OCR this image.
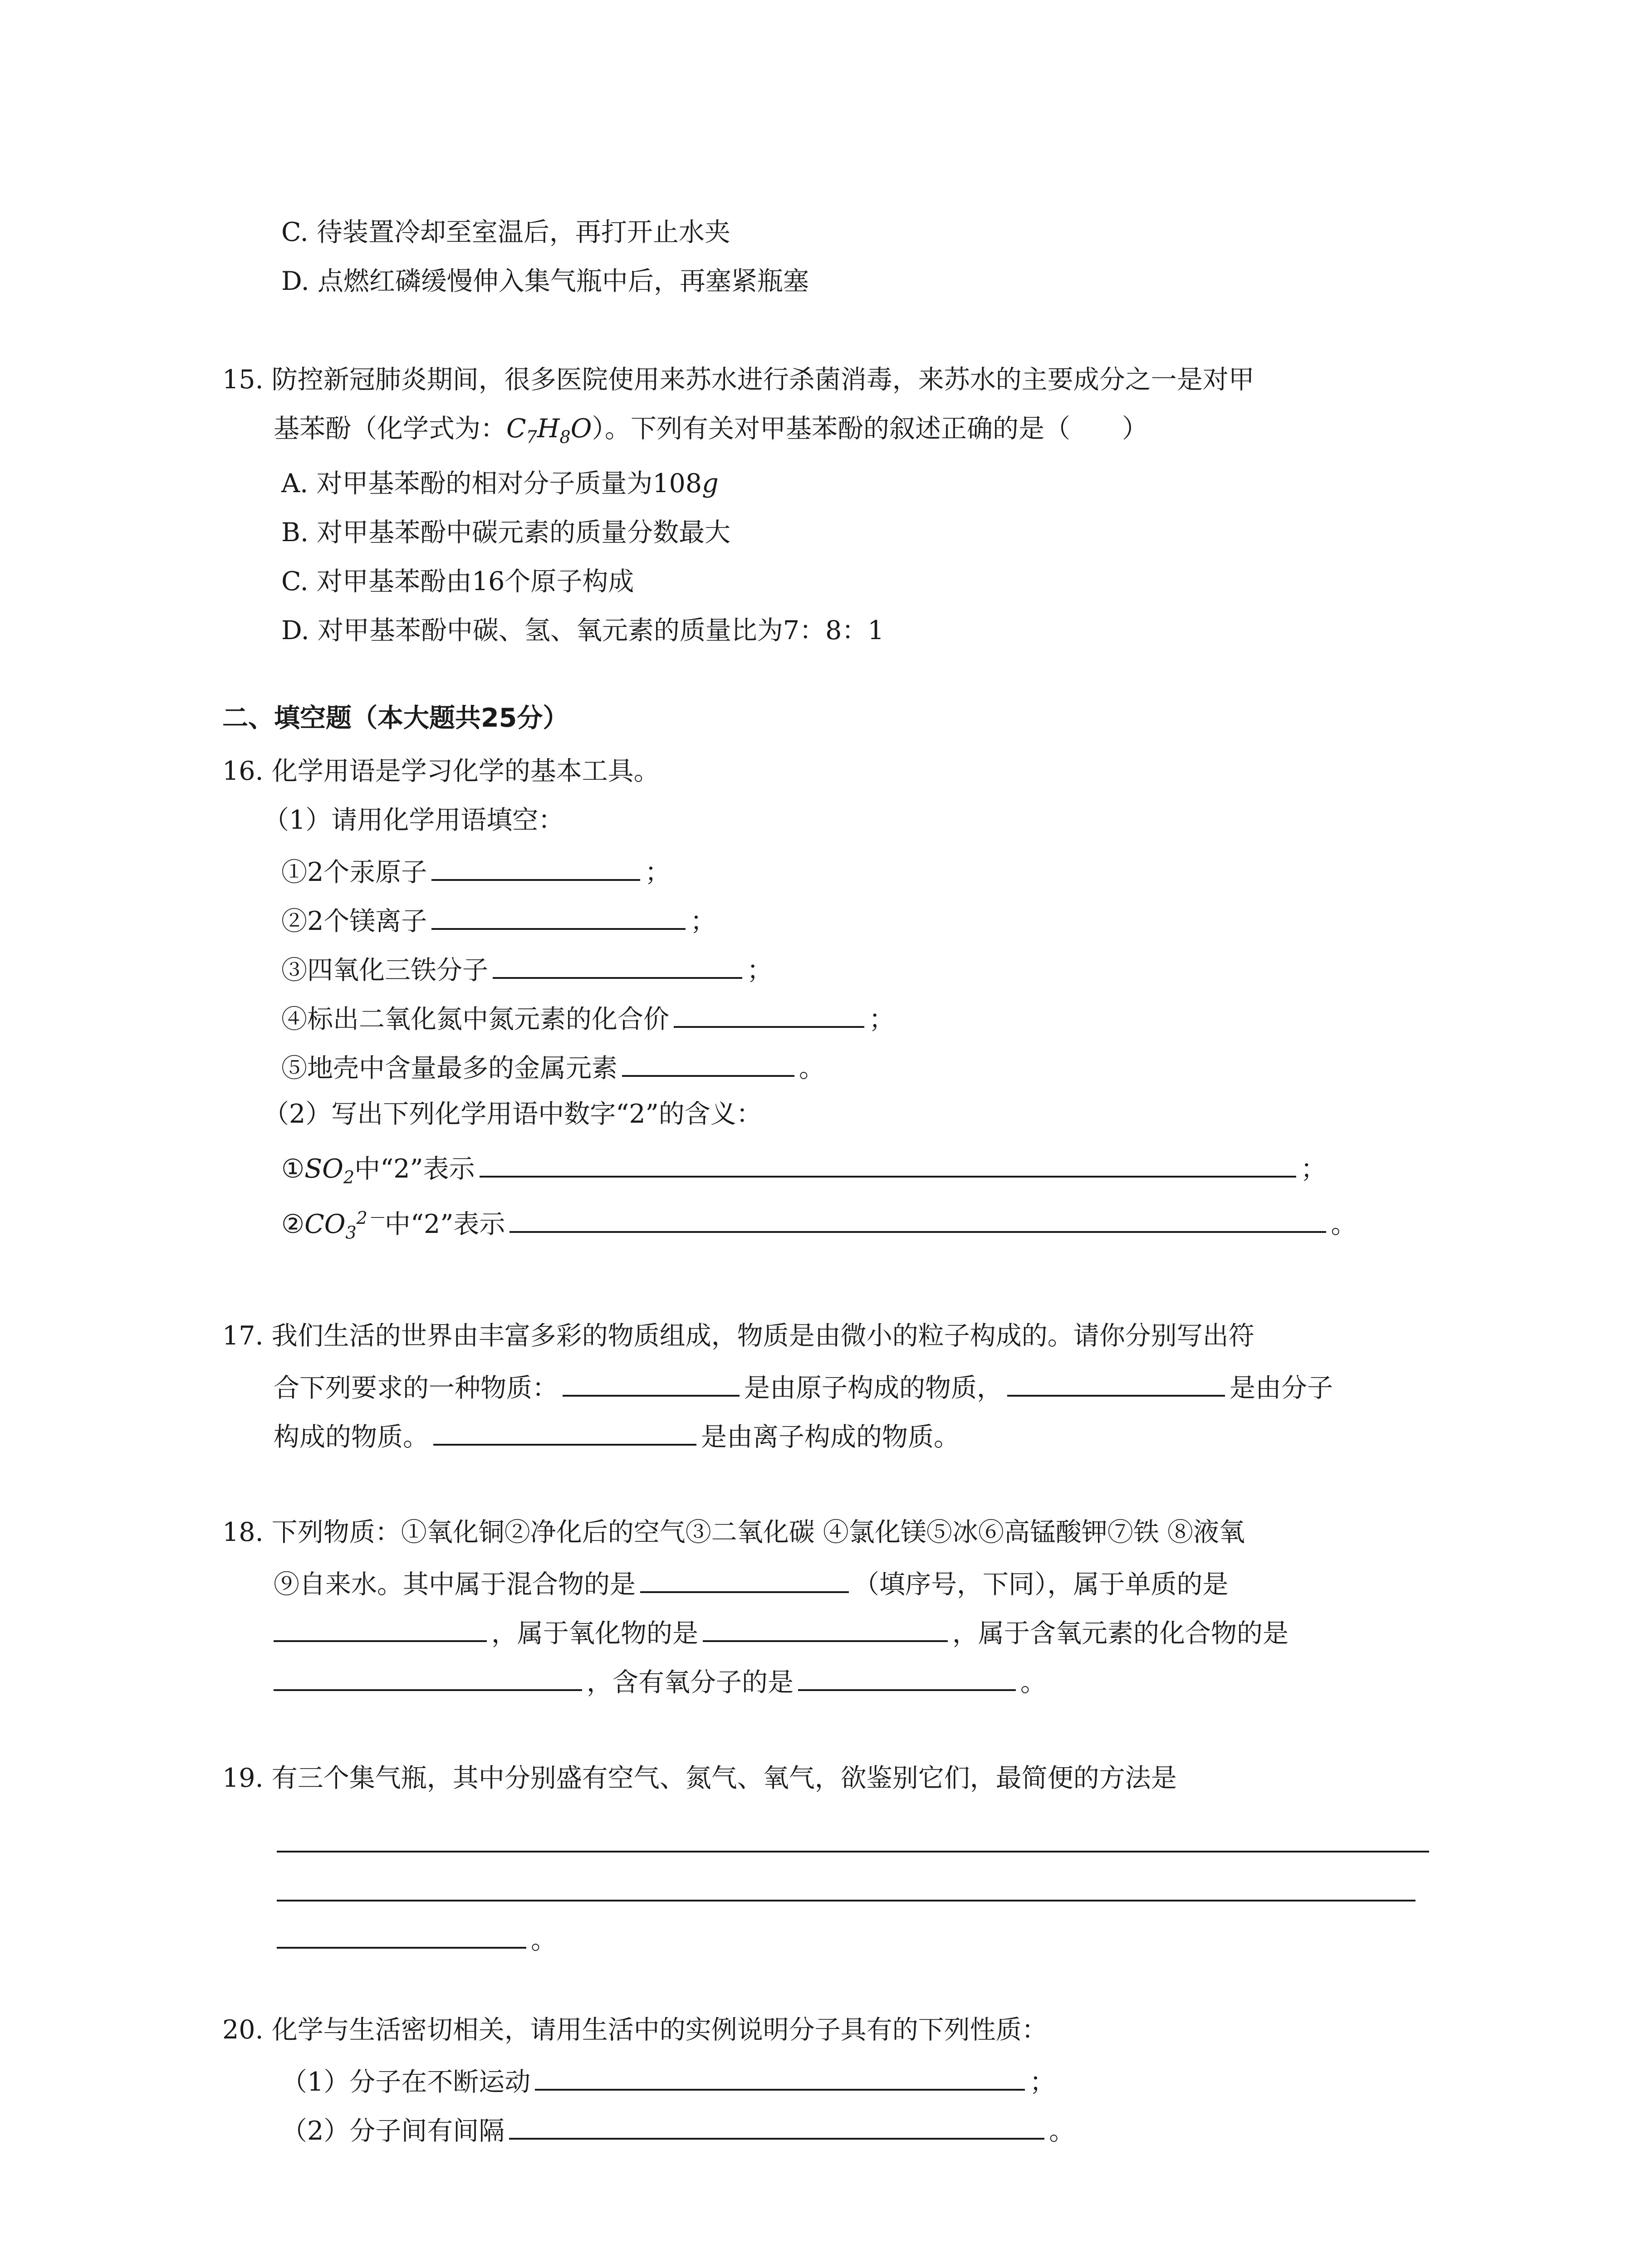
C. 待装置冷却至室温后，再打开止水夹
D. 点燃红磷缓慢伸入集气瓶中后，再塞紧瓶塞
15. 防控新冠肺炎期间，很多医院使用来苏水进行杀菌消毒，来苏水的主要成分之一是对甲
基苯酚（化学式为：$C_7H_8O$）。下列有关对甲基苯酚的叙述正确的是（　　）
A. 对甲基苯酚的相对分子质量为108g
B. 对甲基苯酚中碳元素的质量分数最大
C. 对甲基苯酚由16个原子构成
D. 对甲基苯酚中碳、氢、氧元素的质量比为7：8：1
二、填空题（本大题共25分）
16. 化学用语是学习化学的基本工具。
（1）请用化学用语填空：
①2个汞原子	；
②2个镁离子	；
③四氧化三铁分子	；
④标出二氧化氮中氮元素的化合价	；
⑤地壳中含量最多的金属元素	。
（2）写出下列化学用语中数字“2”的含义：
$①SO_2$中“2”表示	；
$②CO_3^{2-}$中“2”表示	。
17. 我们生活的世界由丰富多彩的物质组成，物质是由微小的粒子构成的。请你分别写出符
合下列要求的一种物质：	是由原子构成的物质，	是由分子
构成的物质。	是由离子构成的物质。
18. 下列物质：①氧化铜②净化后的空气③二氧化碳 ④氯化镁⑤冰⑥高锰酸钾⑦铁 ⑧液氧
⑨自来水。其中属于混合物的是	（填序号，下同），属于单质的是
，属于氧化物的是	，属于含氧元素的化合物的是
，含有氧分子的是	。
19. 有三个集气瓶，其中分别盛有空气、氮气、氧气，欲鉴别它们，最简便的方法是
。
20. 化学与生活密切相关，请用生活中的实例说明分子具有的下列性质：
（1）分子在不断运动	；
（2）分子间有间隔	。
